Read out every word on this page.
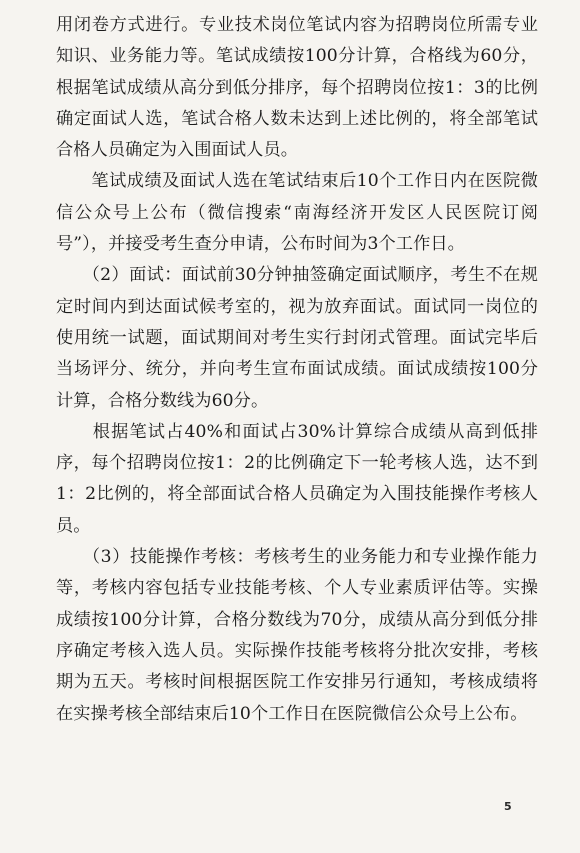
用闭卷方式进行。专业技术岗位笔试内容为招聘岗位所需专业知识、业务能力等。笔试成绩按100分计算，合格线为60分，根据笔试成绩从高分到低分排序，每个招聘岗位按1：3的比例确定面试人选，笔试合格人数未达到上述比例的，将全部笔试合格人员确定为入围面试人员。

　　笔试成绩及面试人选在笔试结束后10个工作日内在医院微信公众号上公布（微信搜索“南海经济开发区人民医院订阅号”），并接受考生查分申请，公布时间为3个工作日。

　　（2）面试：面试前30分钟抽签确定面试顺序，考生不在规定时间内到达面试候考室的，视为放弃面试。面试同一岗位的使用统一试题，面试期间对考生实行封闭式管理。面试完毕后当场评分、统分，并向考生宣布面试成绩。面试成绩按100分计算，合格分数线为60分。

　　根据笔试占40%和面试占30%计算综合成绩从高到低排序，每个招聘岗位按1：2的比例确定下一轮考核人选，达不到1：2比例的，将全部面试合格人员确定为入围技能操作考核人员。

　　（3）技能操作考核：考核考生的业务能力和专业操作能力等，考核内容包括专业技能考核、个人专业素质评估等。实操成绩按100分计算，合格分数线为70分，成绩从高分到低分排序确定考核入选人员。实际操作技能考核将分批次安排，考核期为五天。考核时间根据医院工作安排另行通知，考核成绩将在实操考核全部结束后10个工作日在医院微信公众号上公布。

5
